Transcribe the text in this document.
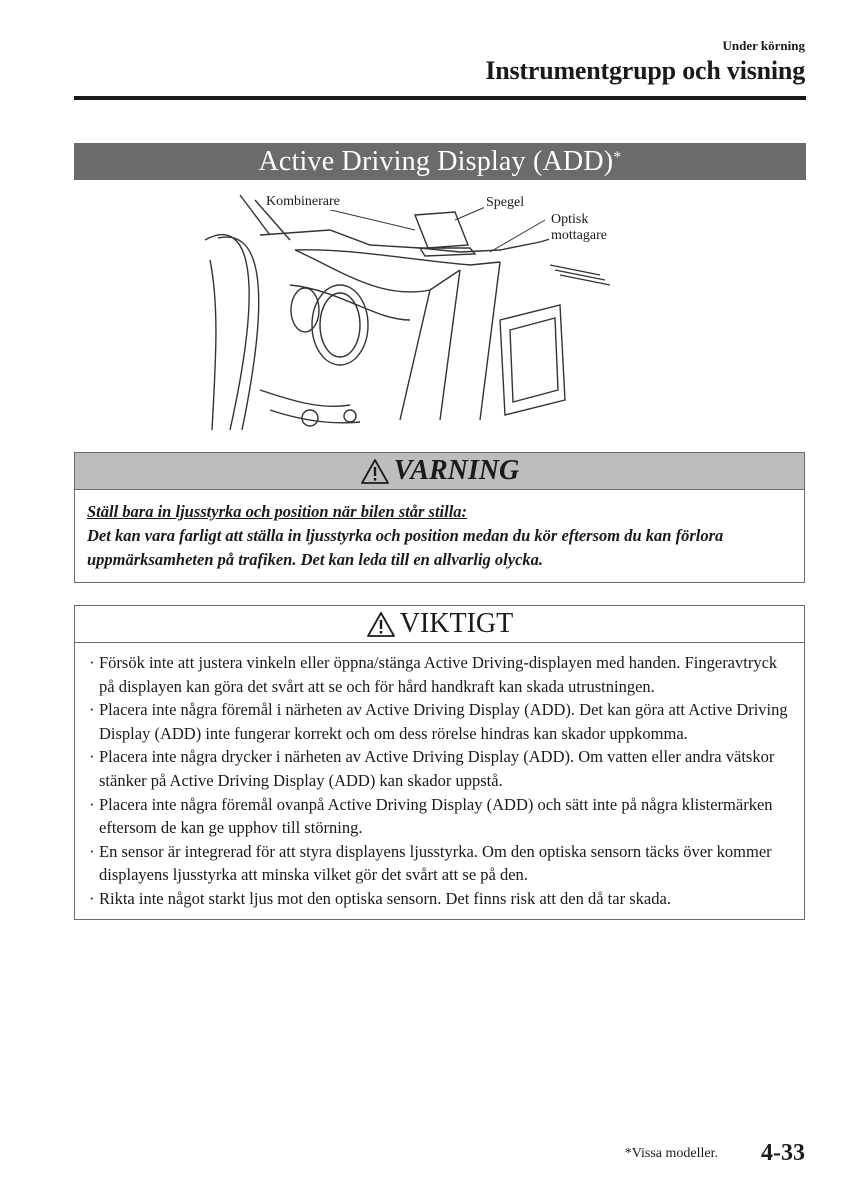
Under körning
Instrumentgrupp och visning
Active Driving Display (ADD)*
Kombinerare	Spegel
Optisk mottagare
VARNING
Ställ bara in ljusstyrka och position när bilen står stilla:
Det kan vara farligt att ställa in ljusstyrka och position medan du kör eftersom du kan förlora uppmärksamheten på trafiken. Det kan leda till en allvarlig olycka.
VIKTIGT
· Försök inte att justera vinkeln eller öppna/stänga Active Driving-displayen med handen. Fingeravtryck på displayen kan göra det svårt att se och för hård handkraft kan skada utrustningen.
· Placera inte några föremål i närheten av Active Driving Display (ADD). Det kan göra att Active Driving Display (ADD) inte fungerar korrekt och om dess rörelse hindras kan skador uppkomma.
· Placera inte några drycker i närheten av Active Driving Display (ADD). Om vatten eller andra vätskor stänker på Active Driving Display (ADD) kan skador uppstå.
· Placera inte några föremål ovanpå Active Driving Display (ADD) och sätt inte på några klistermärken eftersom de kan ge upphov till störning.
· En sensor är integrerad för att styra displayens ljusstyrka. Om den optiska sensorn täcks över kommer displayens ljusstyrka att minska vilket gör det svårt att se på den.
· Rikta inte något starkt ljus mot den optiska sensorn. Det finns risk att den då tar skada.
*Vissa modeller. 4-33
